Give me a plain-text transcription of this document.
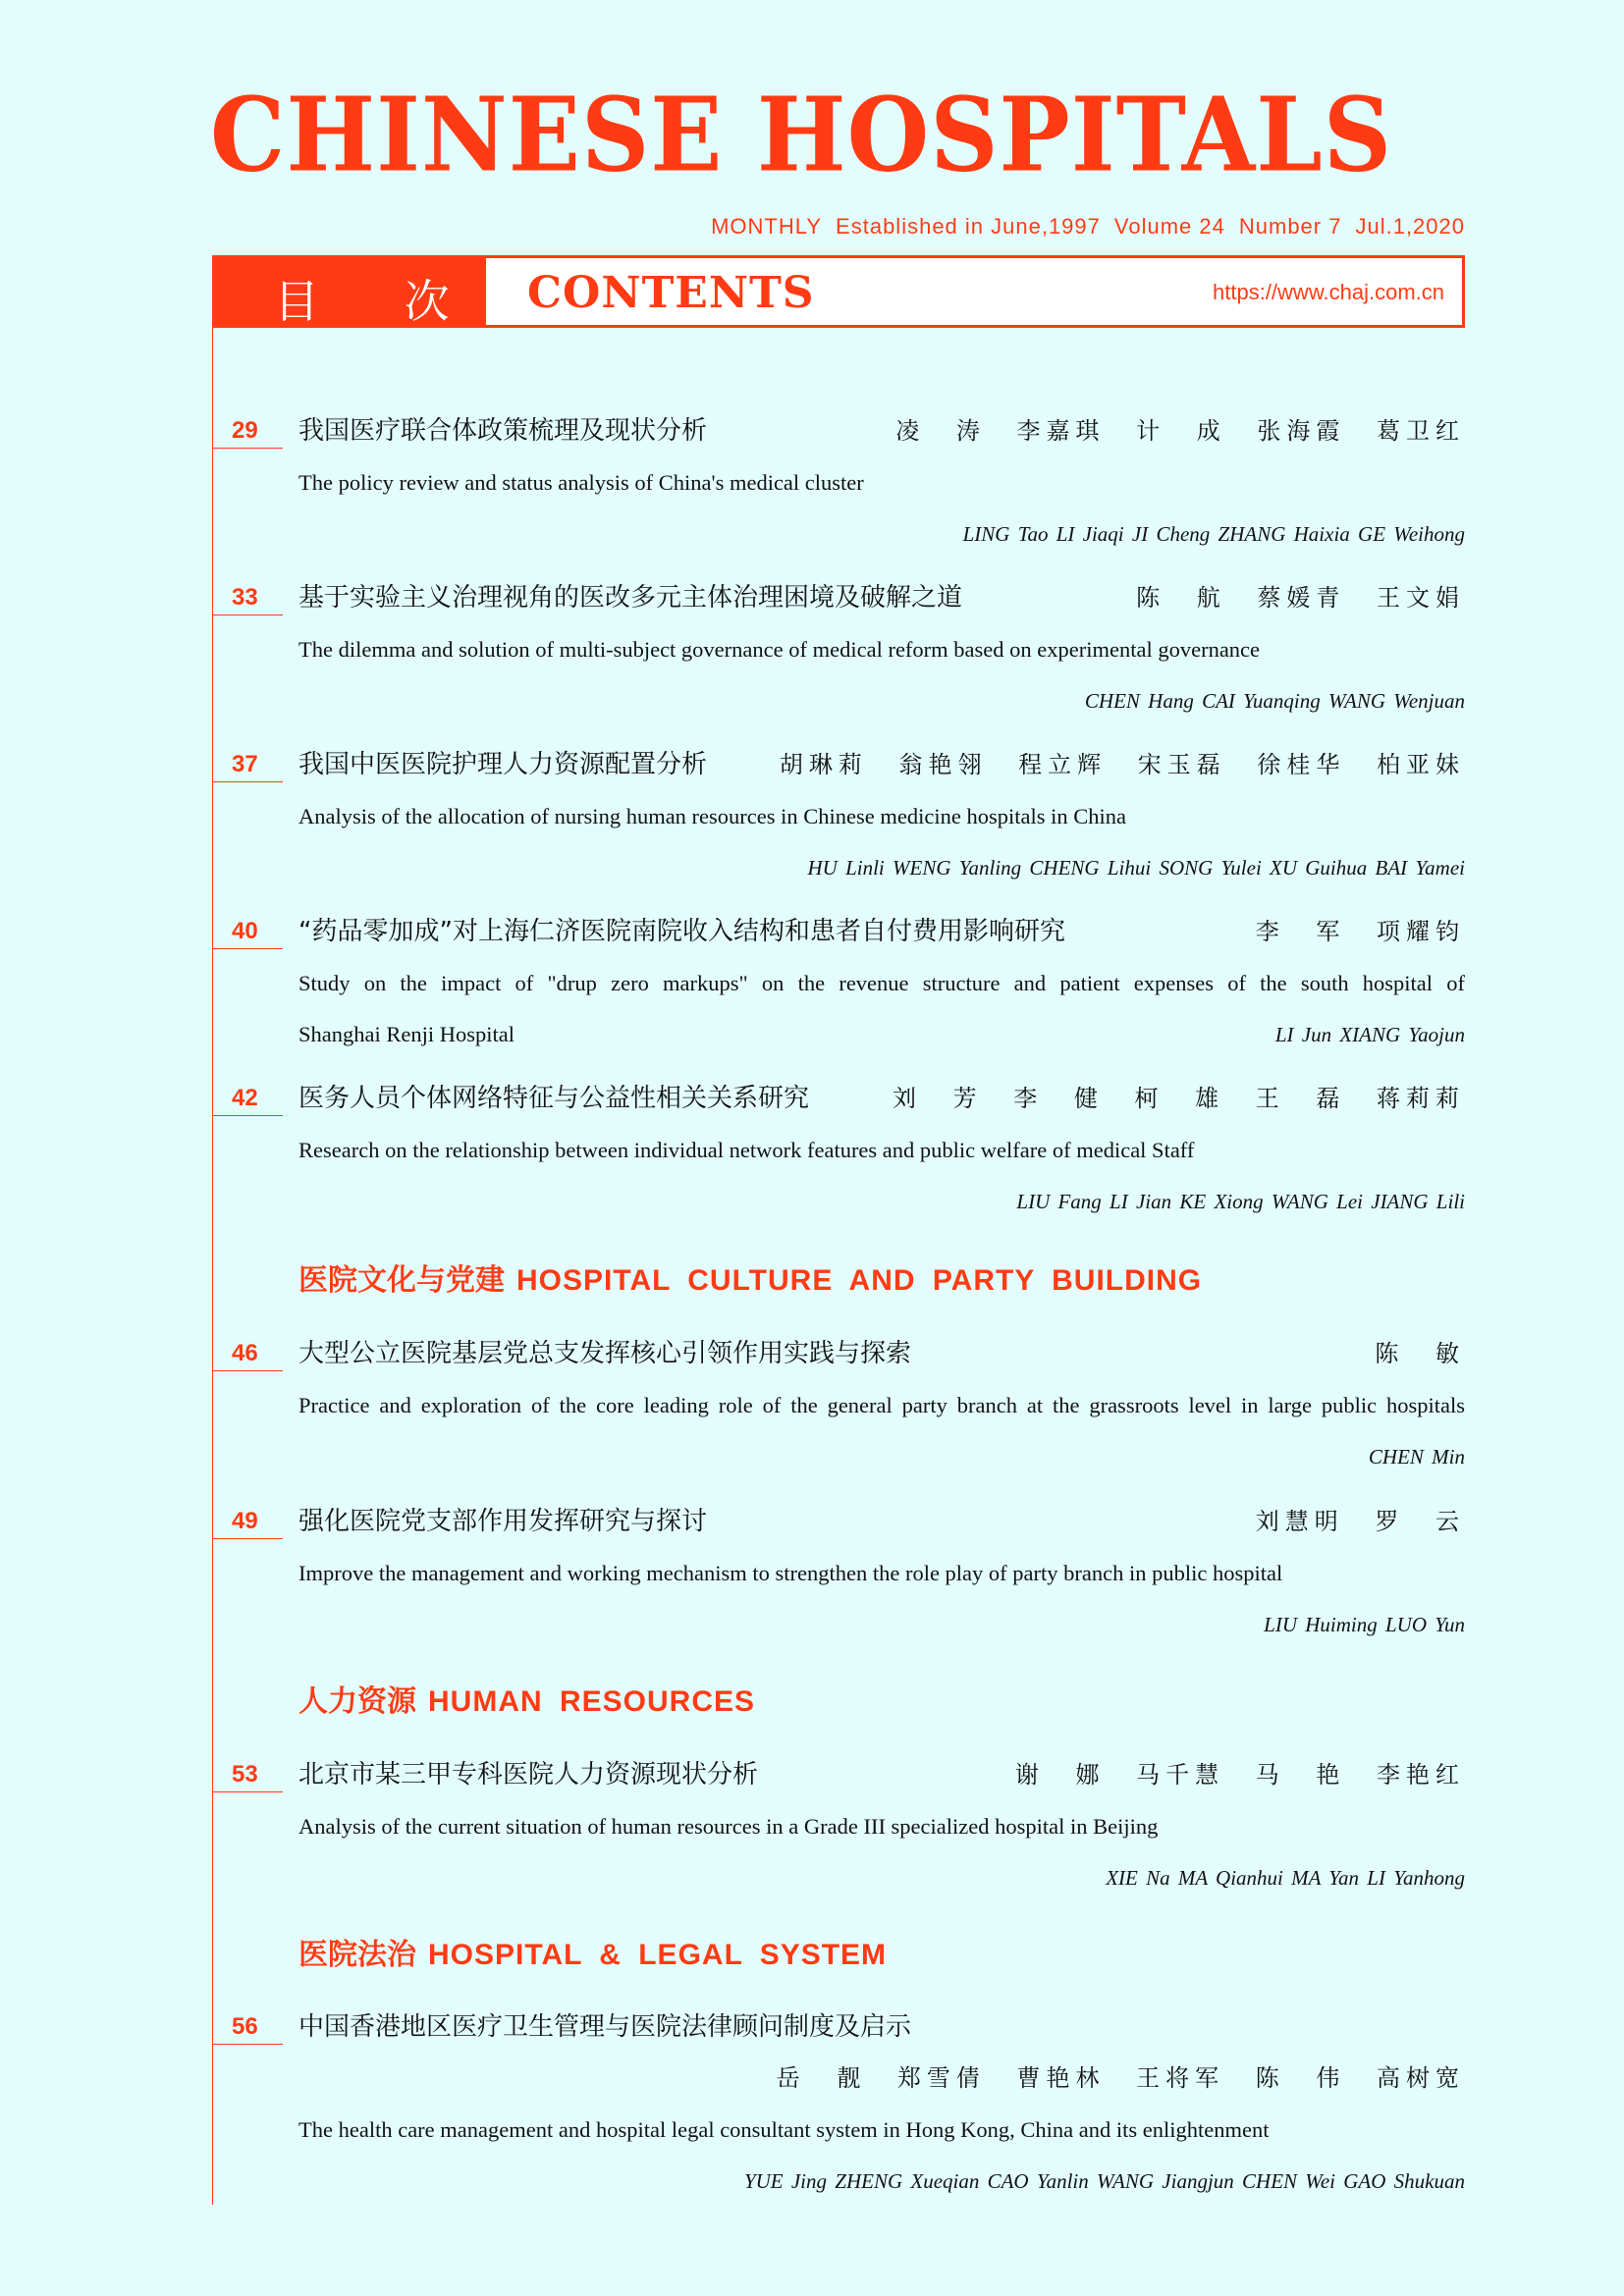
CHINESE HOSPITALS
MONTHLY Established in June,1997 Volume 24 Number 7 Jul.1,2020
目 次 CONTENTS	https://www.chaj.com.cn
29 我国医疗联合体政策梳理及现状分析	凌 涛 李嘉琪 计 成 张海霞 葛卫红
The policy review and status analysis of China's medical cluster
LING Tao LI Jiaqi JI Cheng ZHANG Haixia GE Weihong
33 基于实验主义治理视角的医改多元主体治理困境及破解之道	陈 航 蔡媛青 王文娟
The dilemma and solution of multi-subject governance of medical reform based on experimental governance
CHEN Hang CAI Yuanqing WANG Wenjuan
37 我国中医医院护理人力资源配置分析	胡琳莉 翁艳翎 程立辉 宋玉磊 徐桂华 柏亚妹
Analysis of the allocation of nursing human resources in Chinese medicine hospitals in China
HU Linli WENG Yanling CHENG Lihui SONG Yulei XU Guihua BAI Yamei
40 “药品零加成”对上海仁济医院南院收入结构和患者自付费用影响研究	李 军 项耀钧
Study on the impact of "drup zero markups" on the revenue structure and patient expenses of the south hospital of
Shanghai Renji Hospital	LI Jun XIANG Yaojun
42 医务人员个体网络特征与公益性相关关系研究	刘 芳 李 健 柯 雄 王 磊 蒋莉莉
Research on the relationship between individual network features and public welfare of medical Staff
LIU Fang LI Jian KE Xiong WANG Lei JIANG Lili
医院文化与党建 HOSPITAL CULTURE AND PARTY BUILDING
46 大型公立医院基层党总支发挥核心引领作用实践与探索	陈 敏
Practice and exploration of the core leading role of the general party branch at the grassroots level in large public hospitals
CHEN Min
49 强化医院党支部作用发挥研究与探讨	刘慧明 罗 云
Improve the management and working mechanism to strengthen the role play of party branch in public hospital
LIU Huiming LUO Yun
人力资源 HUMAN RESOURCES
53 北京市某三甲专科医院人力资源现状分析	谢 娜 马千慧 马 艳 李艳红
Analysis of the current situation of human resources in a Grade III specialized hospital in Beijing
XIE Na MA Qianhui MA Yan LI Yanhong
医院法治 HOSPITAL & LEGAL SYSTEM
56 中国香港地区医疗卫生管理与医院法律顾问制度及启示
岳 靓 郑雪倩 曹艳林 王将军 陈 伟 高树宽
The health care management and hospital legal consultant system in Hong Kong, China and its enlightenment
YUE Jing ZHENG Xueqian CAO Yanlin WANG Jiangjun CHEN Wei GAO Shukuan
